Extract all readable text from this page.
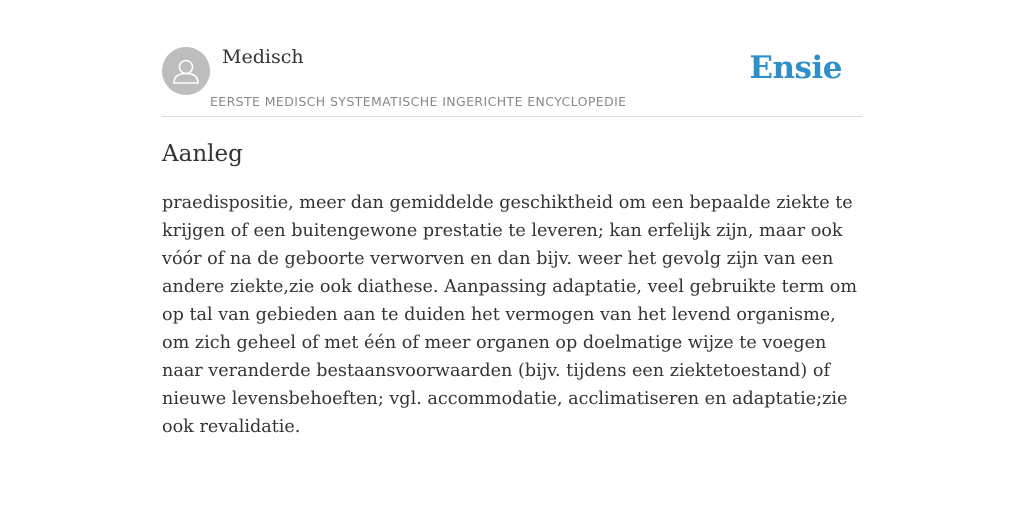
Medisch
EERSTE MEDISCH SYSTEMATISCHE INGERICHTE ENCYCLOPEDIE
Ensie
Aanleg

praedispositie, meer dan gemiddelde geschiktheid om een bepaalde ziekte te krijgen of een buitengewone prestatie te leveren; kan erfelijk zijn, maar ook vóór of na de geboorte verworven en dan bijv. weer het gevolg zijn van een andere ziekte,zie ook diathese. Aanpassing adaptatie, veel gebruikte term om op tal van gebieden aan te duiden het vermogen van het levend organisme, om zich geheel of met één of meer organen op doelmatige wijze te voegen naar veranderde bestaansvoorwaarden (bijv. tijdens een ziektetoestand) of nieuwe levensbehoeften; vgl. accommodatie, acclimatiseren en adaptatie;zie ook revalidatie.
